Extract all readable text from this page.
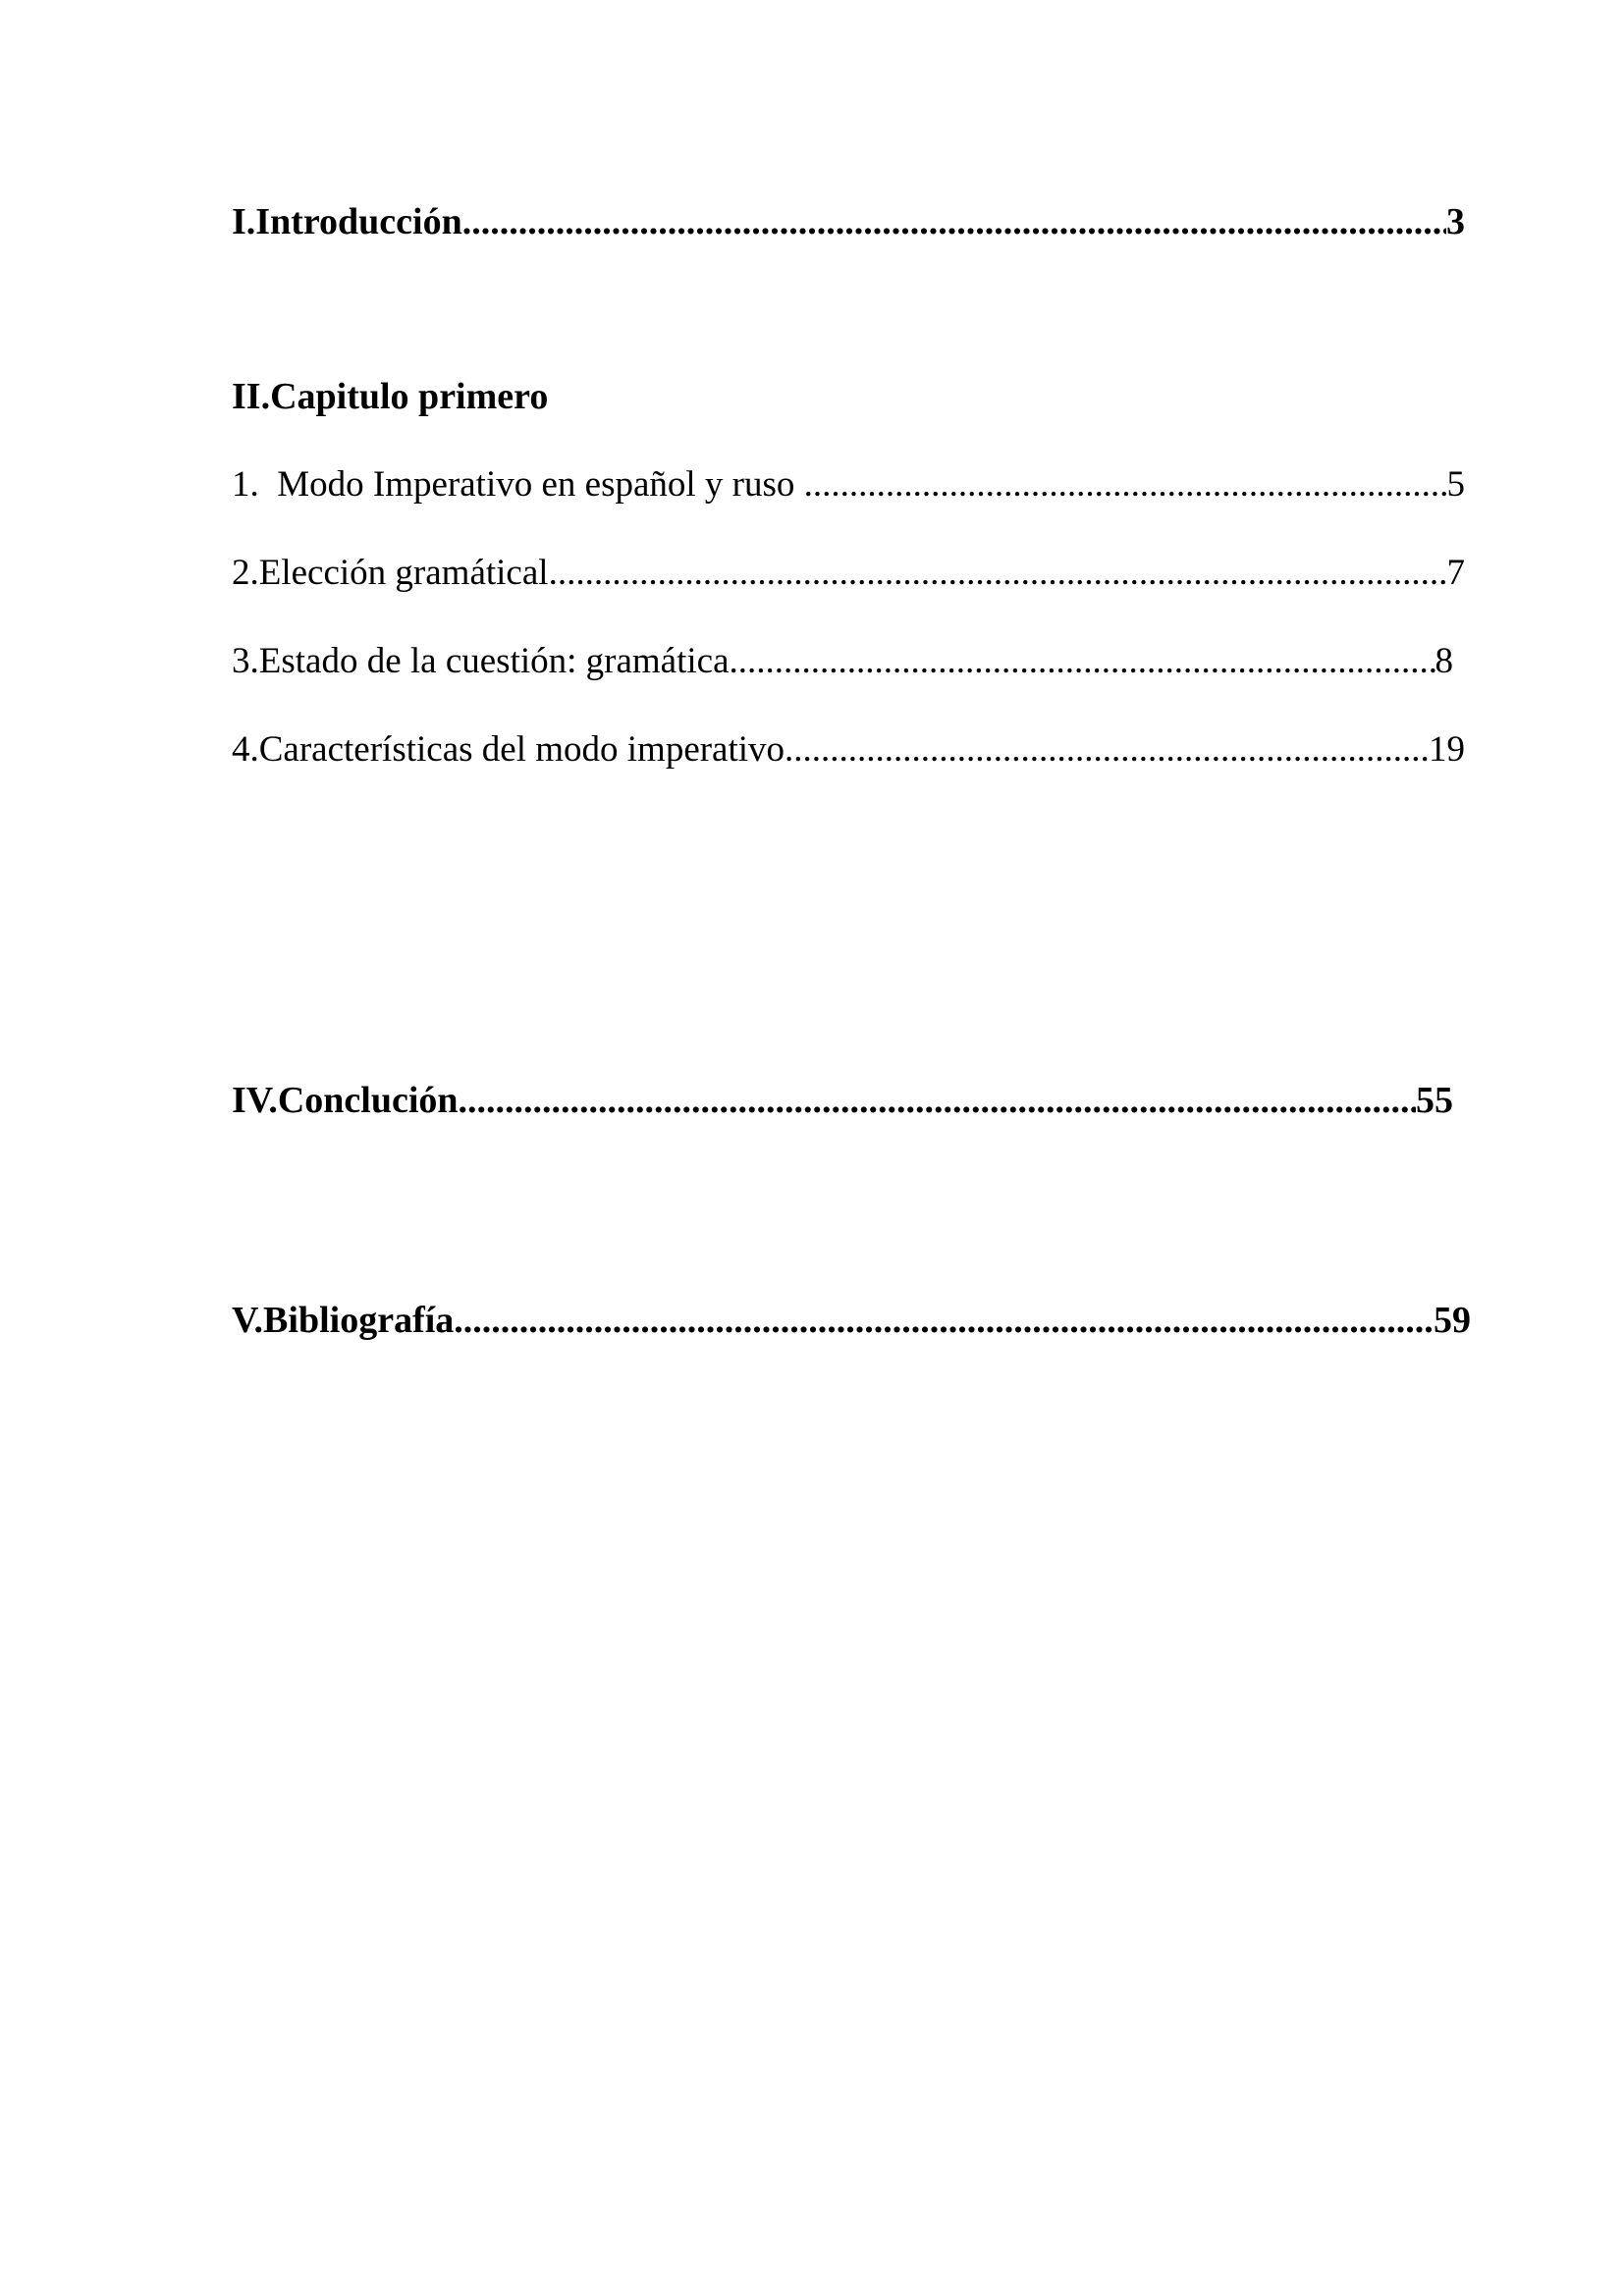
I.Introducción .....	3
II.Capitulo primero
1.  Modo Imperativo en español y ruso .....	5
2.Elección gramátical .....	7
3.Estado de la cuestión: gramática .....	8
4.Características del modo imperativo .....	19
IV.Conclución .....	55
V.Bibliografía .....	59
